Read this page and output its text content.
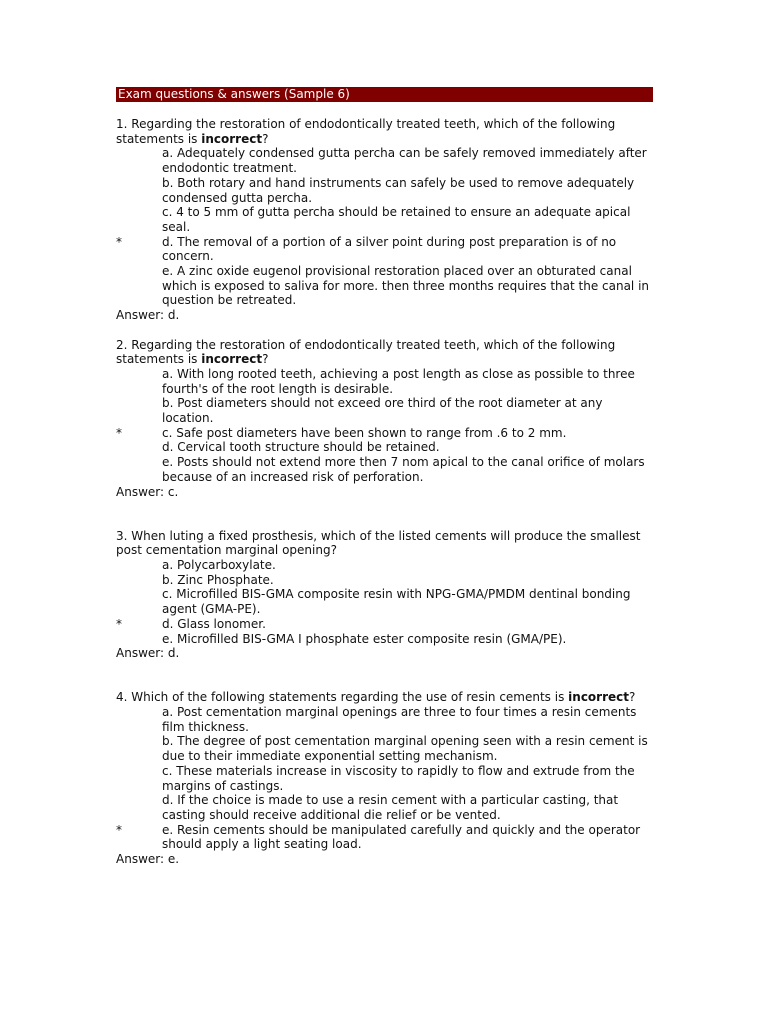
Exam questions & answers (Sample 6)

1. Regarding the restoration of endodontically treated teeth, which of the following statements is incorrect?

a. Adequately condensed gutta percha can be safely removed immediately after endodontic treatment.
b. Both rotary and hand instruments can safely be used to remove adequately condensed gutta percha.
c. 4 to 5 mm of gutta percha should be retained to ensure an adequate apical seal.
*	d. The removal of a portion of a silver point during post preparation is of no concern.
e. A zinc oxide eugenol provisional restoration placed over an obturated canal which is exposed to saliva for more. then three months requires that the canal in question be retreated.

Answer: d.

2. Regarding the restoration of endodontically treated teeth, which of the following statements is incorrect?

a. With long rooted teeth, achieving a post length as close as possible to three fourth's of the root length is desirable.
b. Post diameters should not exceed ore third of the root diameter at any location.
*	c. Safe post diameters have been shown to range from .6 to 2 mm.
d. Cervical tooth structure should be retained.
e. Posts should not extend more then 7 nom apical to the canal orifice of molars because of an increased risk of perforation.

Answer: c.

3. When luting a fixed prosthesis, which of the listed cements will produce the smallest post cementation marginal opening?

a. Polycarboxylate.
b. Zinc Phosphate.
c. Microfilled BIS-GMA composite resin with NPG-GMA/PMDM dentinal bonding agent (GMA-PE).
*	d. Glass lonomer.
e. Microfilled BIS-GMA I phosphate ester composite resin (GMA/PE).

Answer: d.

4. Which of the following statements regarding the use of resin cements is incorrect?

a. Post cementation marginal openings are three to four times a resin cements film thickness.
b. The degree of post cementation marginal opening seen with a resin cement is due to their immediate exponential setting mechanism.
c. These materials increase in viscosity to rapidly to flow and extrude from the margins of castings.
d. If the choice is made to use a resin cement with a particular casting, that casting should receive additional die relief or be vented.
*	e. Resin cements should be manipulated carefully and quickly and the operator should apply a light seating load.

Answer: e.
